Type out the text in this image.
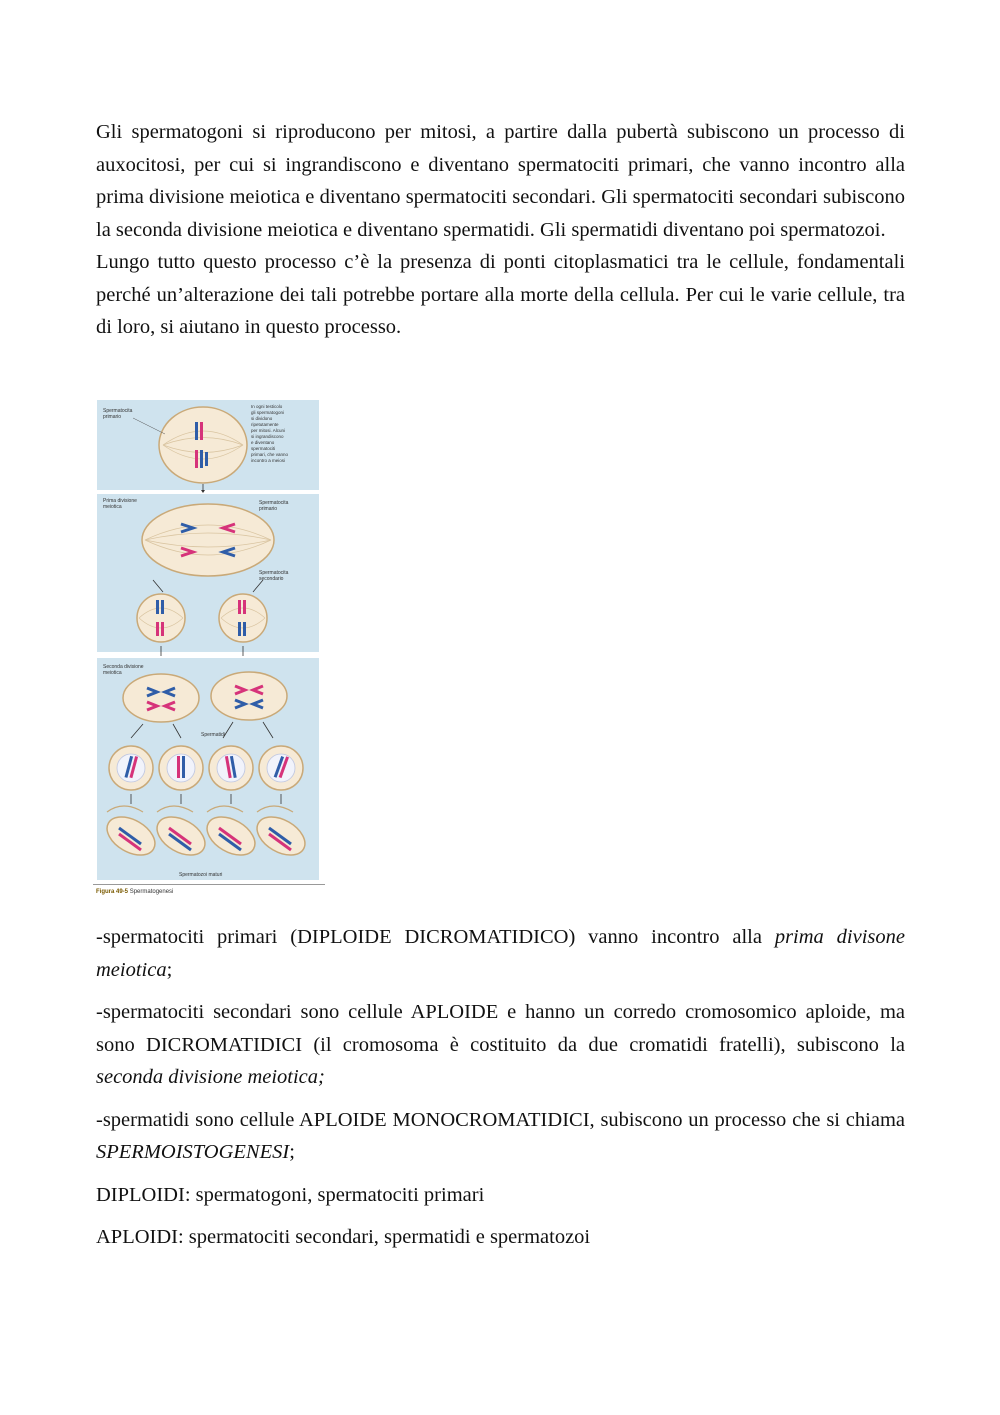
Gli spermatogoni si riproducono per mitosi, a partire dalla pubertà subiscono un processo di auxocitosi, per cui si ingrandiscono e diventano spermatociti primari, che vanno incontro alla prima divisione meiotica e diventano spermatociti secondari. Gli spermatociti secondari subiscono la seconda divisione meiotica e diventano spermatidi. Gli spermatidi diventano poi spermatozoi.

Lungo tutto questo processo c’è la presenza di ponti citoplasmatici tra le cellule, fondamentali perché un’alterazione dei tali potrebbe portare alla morte della cellula. Per cui le varie cellule, tra di loro, si aiutano in questo processo.

Spermatocita
primario
In ogni testicolo
gli spermatogoni
si dividono
ripetutamente
per mitosi. Alcuni
si ingrandiscono
e diventano
spermatociti
primari, che vanno
incontro a meiosi
Prima divisione
meiotica
Spermatocita
primario
Spermatocita
secondario
Seconda divisione
meiotica
Spermatidi
Spermatozoi maturi
Figura 49-5 Spermatogenesi

-spermatociti primari (DIPLOIDE DICROMATIDICO) vanno incontro alla prima divisone meiotica;

-spermatociti secondari sono cellule APLOIDE e hanno un corredo cromosomico aploide, ma sono DICROMATIDICI (il cromosoma è costituito da due cromatidi fratelli), subiscono la seconda divisione meiotica;

-spermatidi sono cellule APLOIDE MONOCROMATIDICI, subiscono un processo che si chiama SPERMOISTOGENESI;

DIPLOIDI: spermatogoni, spermatociti primari

APLOIDI: spermatociti secondari, spermatidi e spermatozoi
